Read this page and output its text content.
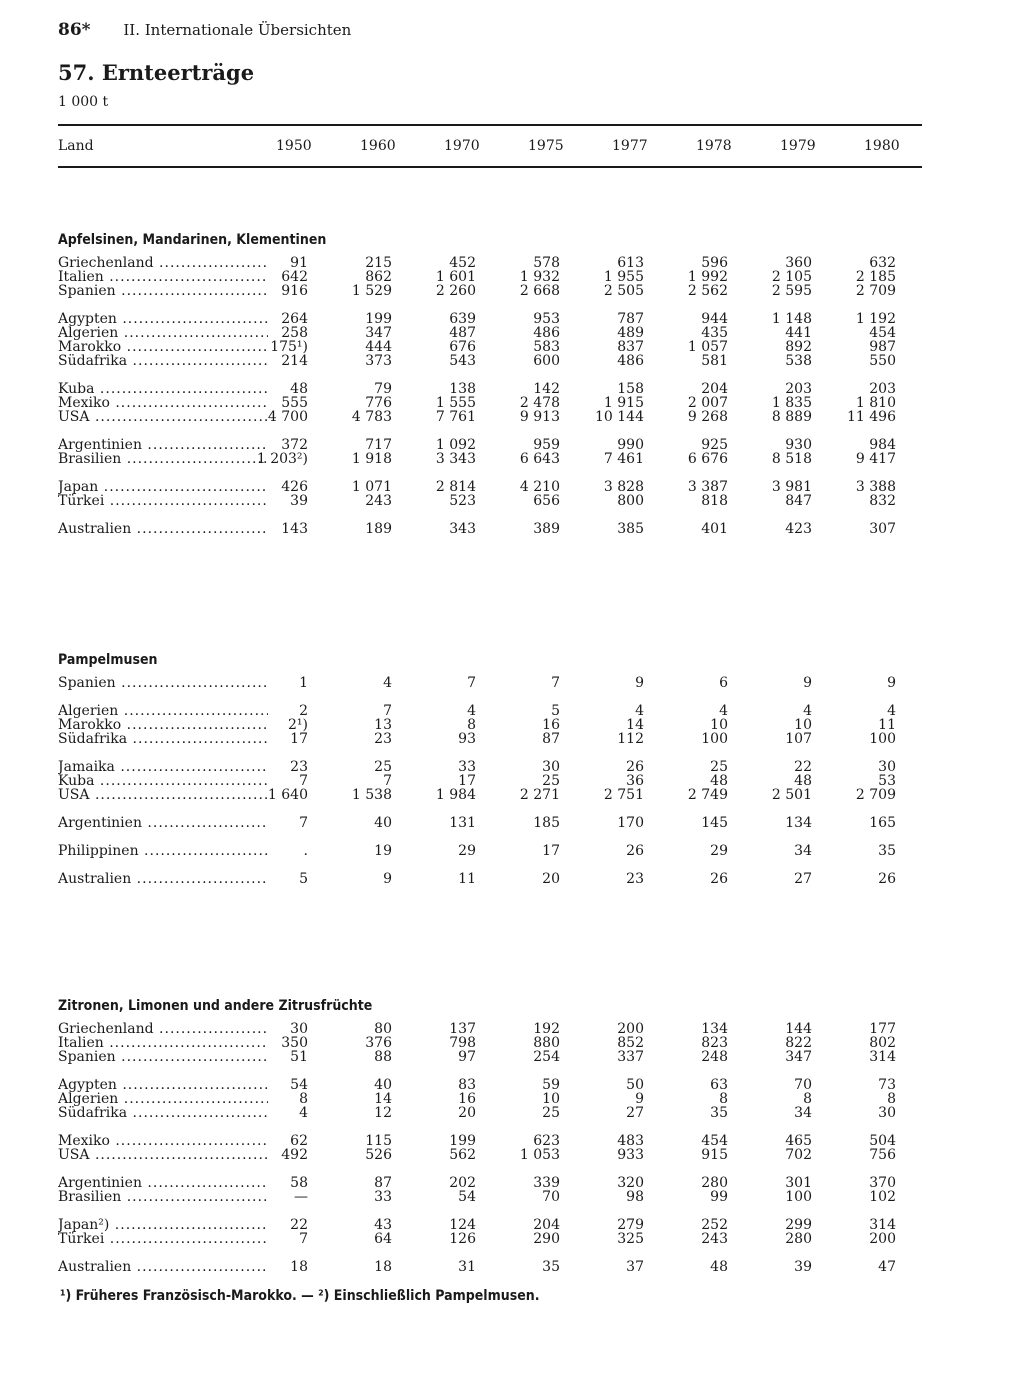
86* II. Internationale Übersichten
57. Ernteerträge
1 000 t
Land	1950	1960	1970	1975	1977	1978	1979	1980
Apfelsinen, Mandarinen, Klementinen
Griechenland .....	91	215	452	578	613	596	360	632
Italien .....	642	862	1 601	1 932	1 955	1 992	2 105	2 185
Spanien .....	916	1 529	2 260	2 668	2 505	2 562	2 595	2 709
Ägypten .....	264	199	639	953	787	944	1 148	1 192
Algerien .....	258	347	487	486	489	435	441	454
Marokko .....	175¹)	444	676	583	837	1 057	892	987
Südafrika .....	214	373	543	600	486	581	538	550
Kuba .....	48	79	138	142	158	204	203	203
Mexiko .....	555	776	1 555	2 478	1 915	2 007	1 835	1 810
USA .....	4 700	4 783	7 761	9 913	10 144	9 268	8 889	11 496
Argentinien .....	372	717	1 092	959	990	925	930	984
Brasilien .....	1 203²)	1 918	3 343	6 643	7 461	6 676	8 518	9 417
Japan .....	426	1 071	2 814	4 210	3 828	3 387	3 981	3 388
Türkei .....	39	243	523	656	800	818	847	832
Australien .....	143	189	343	389	385	401	423	307
Pampelmusen
Spanien .....	1	4	7	7	9	6	9	9
Algerien .....	2	7	4	5	4	4	4	4
Marokko .....	2¹)	13	8	16	14	10	10	11
Südafrika .....	17	23	93	87	112	100	107	100
Jamaika .....	23	25	33	30	26	25	22	30
Kuba .....	7	7	17	25	36	48	48	53
USA .....	1 640	1 538	1 984	2 271	2 751	2 749	2 501	2 709
Argentinien .....	7	40	131	185	170	145	134	165
Philippinen .....	.	19	29	17	26	29	34	35
Australien .....	5	9	11	20	23	26	27	26
Zitronen, Limonen und andere Zitrusfrüchte
Griechenland .....	30	80	137	192	200	134	144	177
Italien .....	350	376	798	880	852	823	822	802
Spanien .....	51	88	97	254	337	248	347	314
Ägypten .....	54	40	83	59	50	63	70	73
Algerien .....	8	14	16	10	9	8	8	8
Südafrika .....	4	12	20	25	27	35	34	30
Mexiko .....	62	115	199	623	483	454	465	504
USA .....	492	526	562	1 053	933	915	702	756
Argentinien .....	58	87	202	339	320	280	301	370
Brasilien .....	—	33	54	70	98	99	100	102
Japan²) .....	22	43	124	204	279	252	299	314
Türkei .....	7	64	126	290	325	243	280	200
Australien .....	18	18	31	35	37	48	39	47
¹) Früheres Französisch-Marokko. — ²) Einschließlich Pampelmusen.
